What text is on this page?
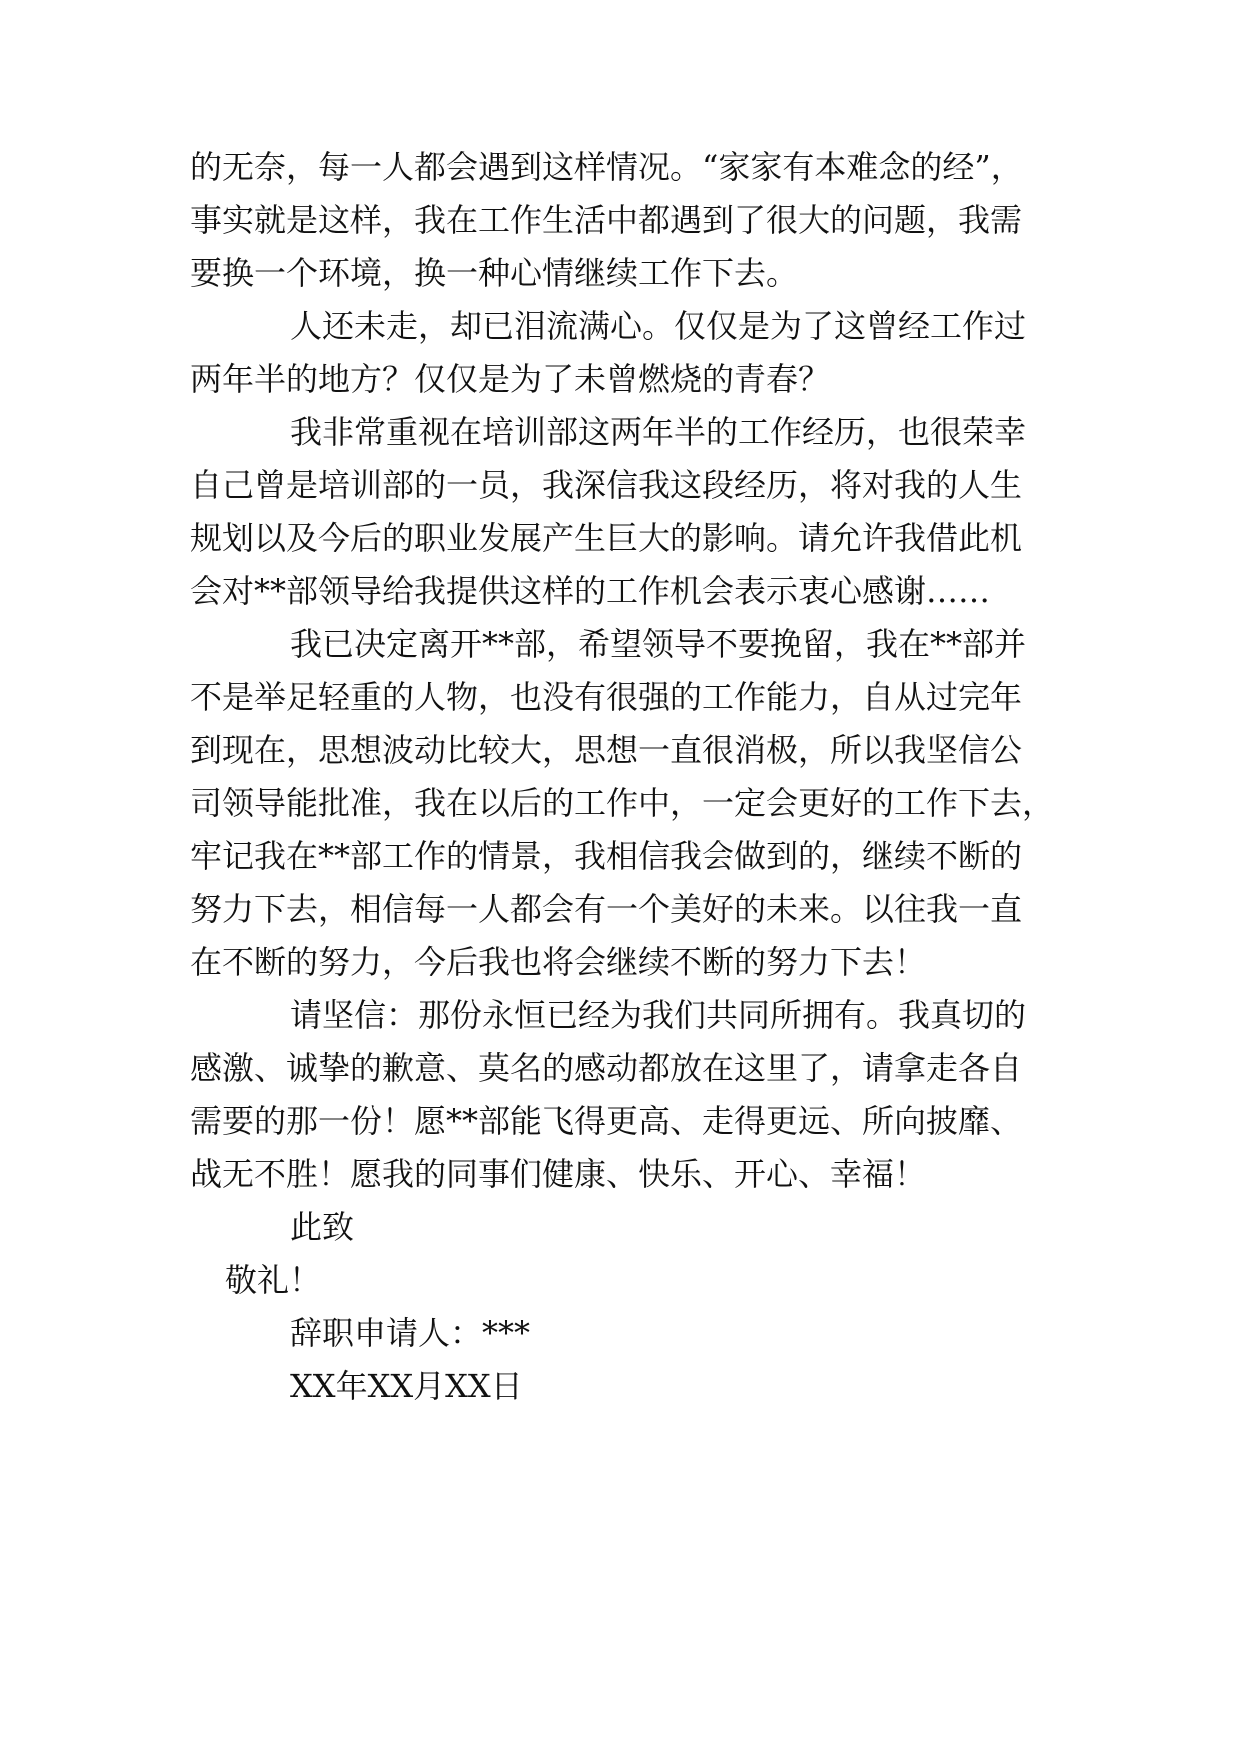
的无奈，每一人都会遇到这样情况。“家家有本难念的经”，
事实就是这样，我在工作生活中都遇到了很大的问题，我需
要换一个环境，换一种心情继续工作下去。
人还未走，却已泪流满心。仅仅是为了这曾经工作过
两年半的地方？仅仅是为了未曾燃烧的青春？
我非常重视在培训部这两年半的工作经历，也很荣幸
自己曾是培训部的一员，我深信我这段经历，将对我的人生
规划以及今后的职业发展产生巨大的影响。请允许我借此机
会对**部领导给我提供这样的工作机会表示衷心感谢……
我已决定离开**部，希望领导不要挽留，我在**部并
不是举足轻重的人物，也没有很强的工作能力，自从过完年
到现在，思想波动比较大，思想一直很消极，所以我坚信公
司领导能批准，我在以后的工作中，一定会更好的工作下去，
牢记我在**部工作的情景，我相信我会做到的，继续不断的
努力下去，相信每一人都会有一个美好的未来。以往我一直
在不断的努力，今后我也将会继续不断的努力下去！
请坚信：那份永恒已经为我们共同所拥有。我真切的
感激、诚挚的歉意、莫名的感动都放在这里了，请拿走各自
需要的那一份！愿**部能飞得更高、走得更远、所向披靡、
战无不胜！愿我的同事们健康、快乐、开心、幸福！
此致
敬礼！
辞职申请人：***
XX年XX月XX日
